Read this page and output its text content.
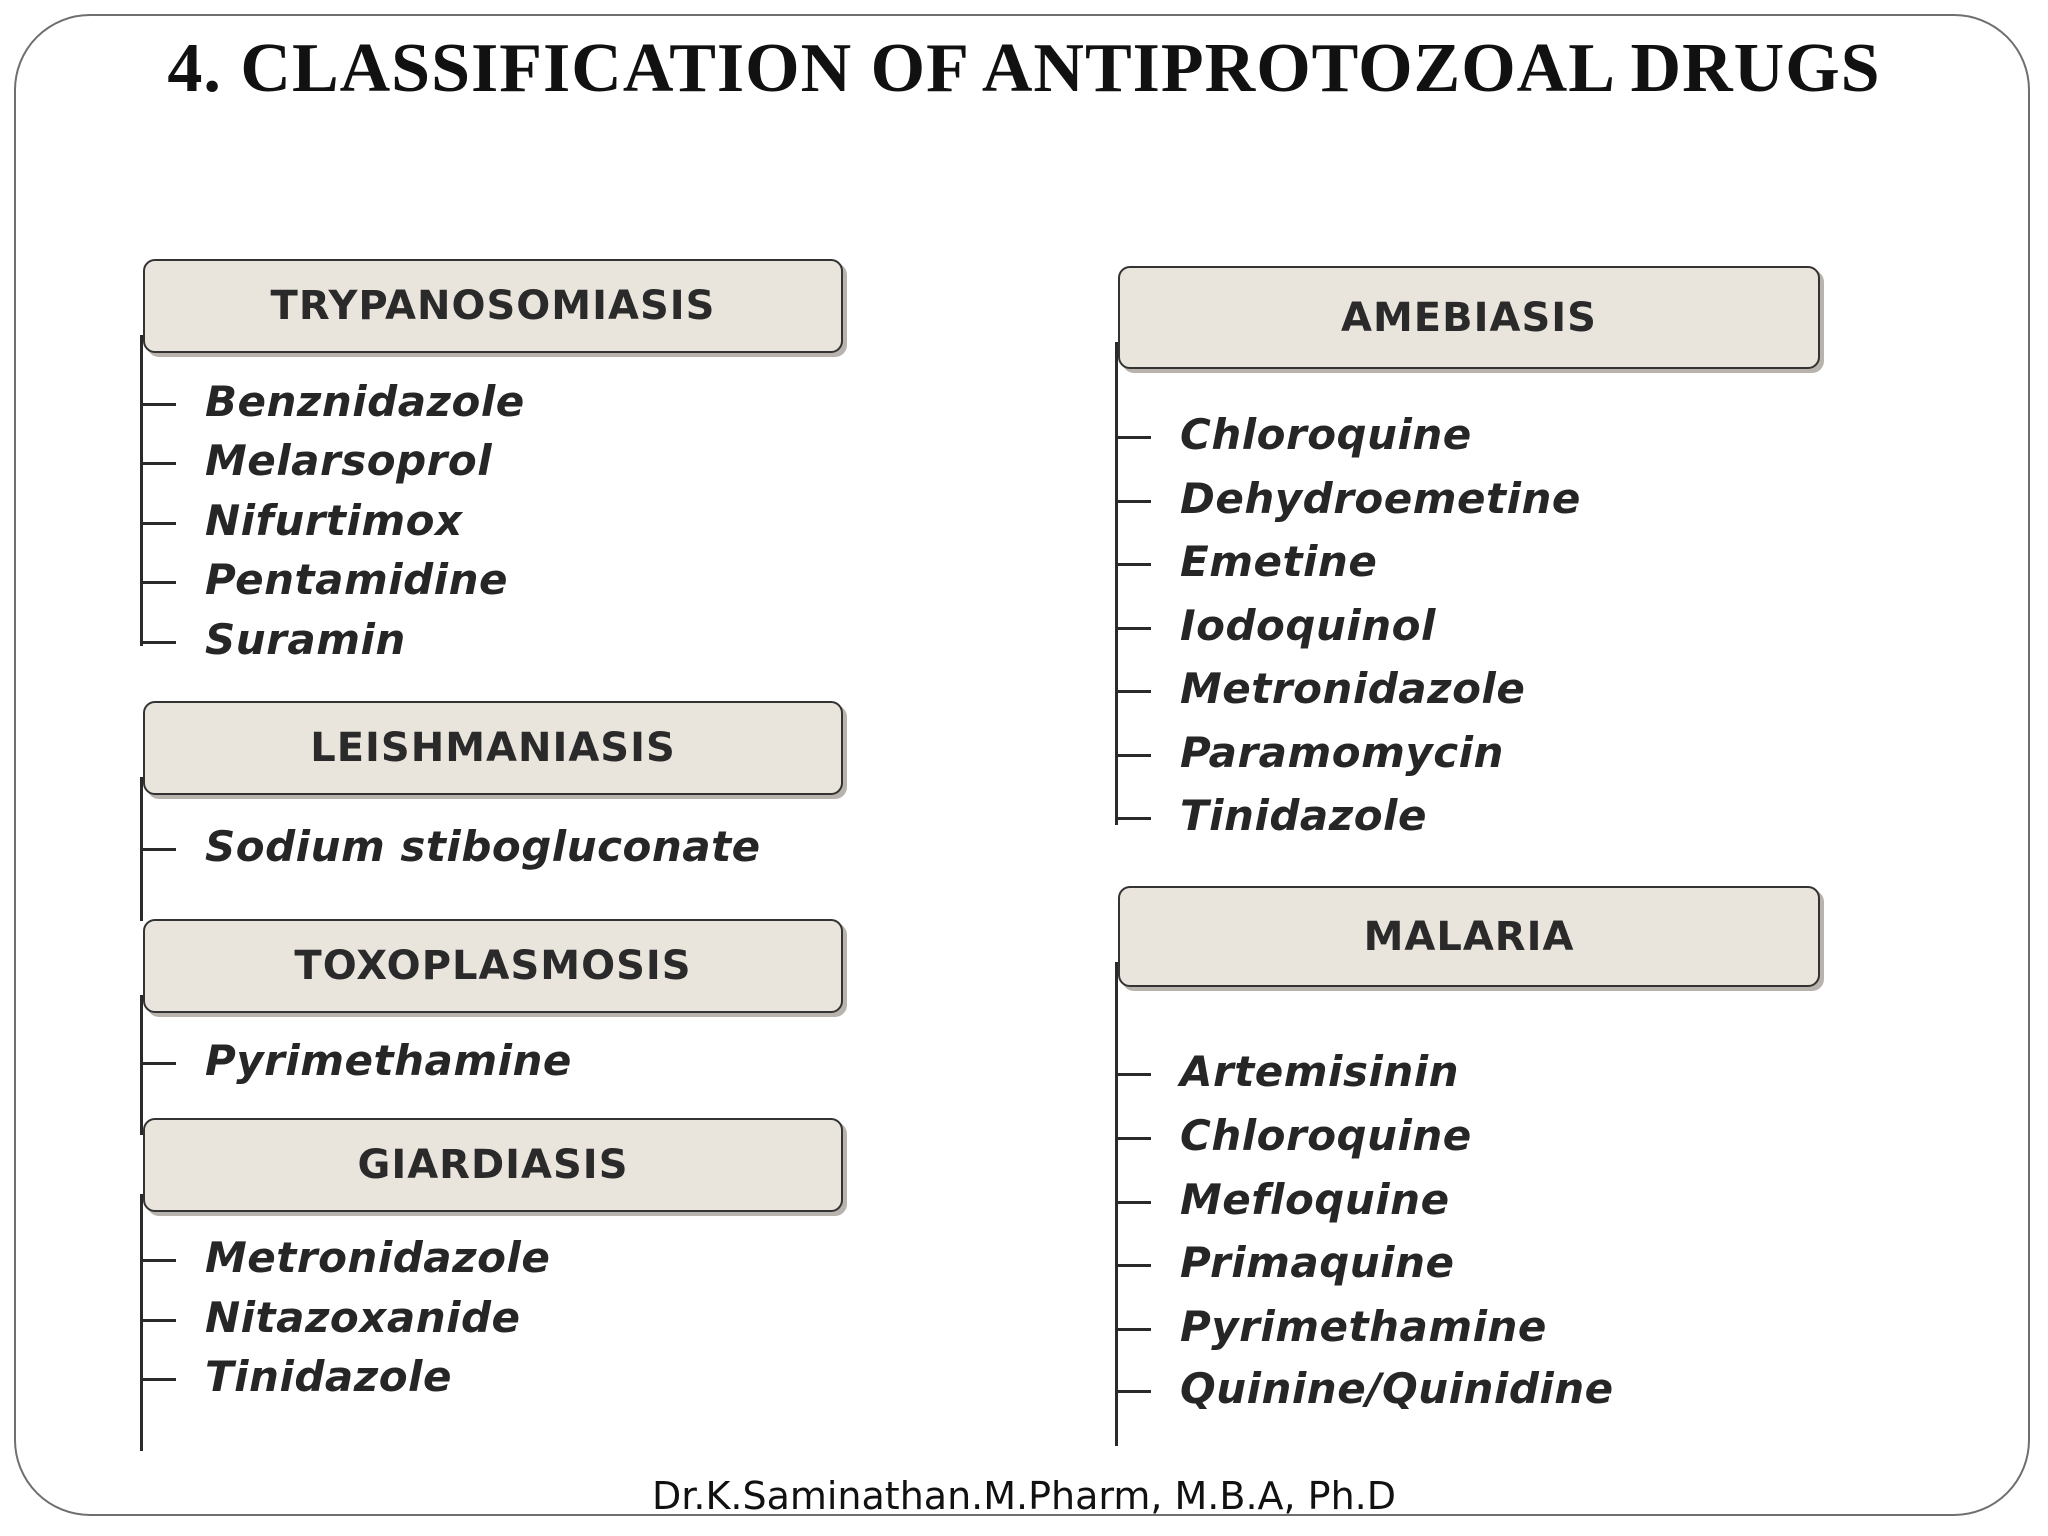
4. CLASSIFICATION OF ANTIPROTOZOAL DRUGS
TRYPANOSOMIASIS
Benznidazole
Melarsoprol
Nifurtimox
Pentamidine
Suramin
LEISHMANIASIS
Sodium stibogluconate
TOXOPLASMOSIS
Pyrimethamine
GIARDIASIS
Metronidazole
Nitazoxanide
Tinidazole
AMEBIASIS
Chloroquine
Dehydroemetine
Emetine
Iodoquinol
Metronidazole
Paramomycin
Tinidazole
MALARIA
Artemisinin
Chloroquine
Mefloquine
Primaquine
Pyrimethamine
Quinine/Quinidine
Dr.K.Saminathan.M.Pharm, M.B.A, Ph.D
